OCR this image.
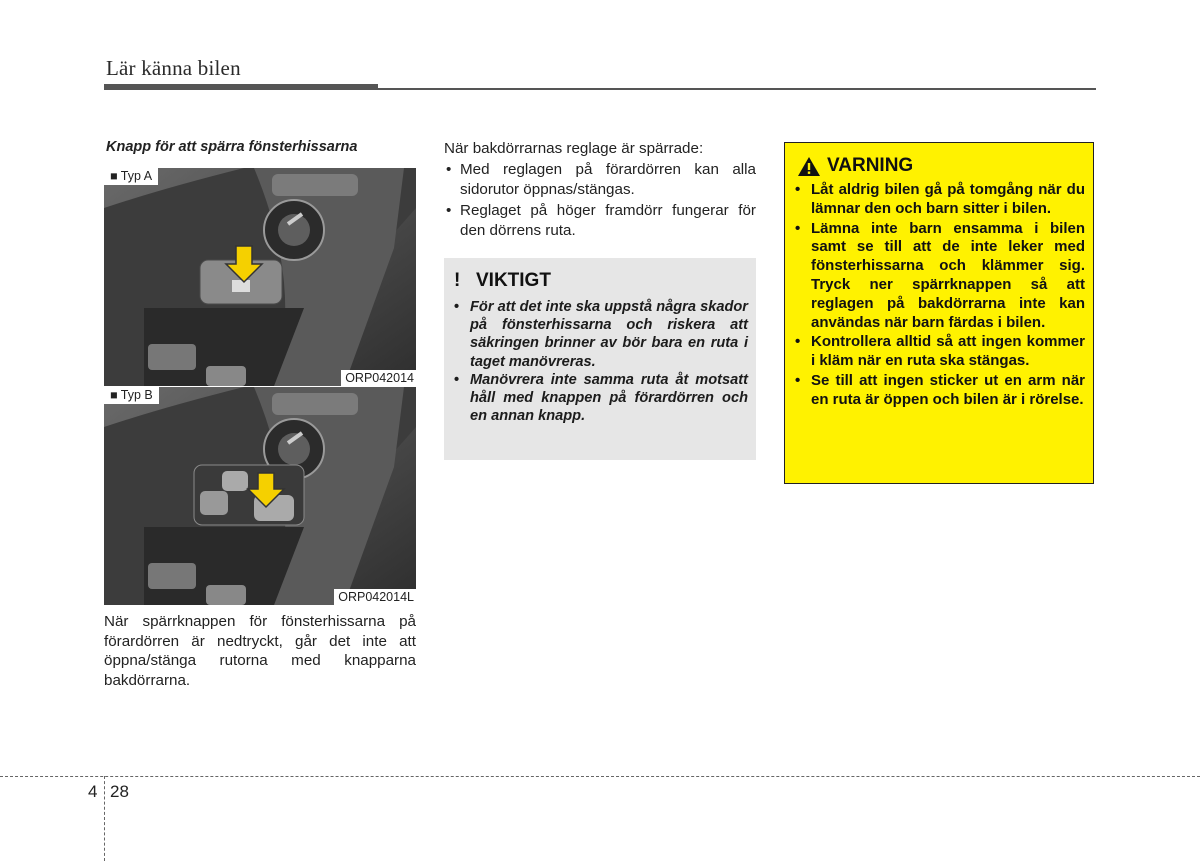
Lär känna bilen
Knapp för att spärra fönsterhissarna
■ Typ A
ORP042014
■ Typ B
ORP042014L
När spärrknappen för fönsterhissarna på förardörren är nedtryckt, går det inte att öppna/stänga rutorna med knapparna bakdörrarna.
När bakdörrarnas reglage är spärrade:
• Med reglagen på förardörren kan alla sidorutor öppnas/stängas.
• Reglaget på höger framdörr fungerar för den dörrens ruta.
! VIKTIGT
• För att det inte ska uppstå några skador på fönsterhissarna och riskera att säkringen brinner av bör bara en ruta i taget manövreras.
• Manövrera inte samma ruta åt motsatt håll med knappen på förardörren och en annan knapp.
VARNING
• Låt aldrig bilen gå på tomgång när du lämnar den och barn sitter i bilen.
• Lämna inte barn ensamma i bilen samt se till att de inte leker med fönsterhissarna och klämmer sig. Tryck ner spärrknappen så att reglagen på bakdörrarna inte kan användas när barn färdas i bilen.
• Kontrollera alltid så att ingen kommer i kläm när en ruta ska stängas.
• Se till att ingen sticker ut en arm när en ruta är öppen och bilen är i rörelse.
4 28
